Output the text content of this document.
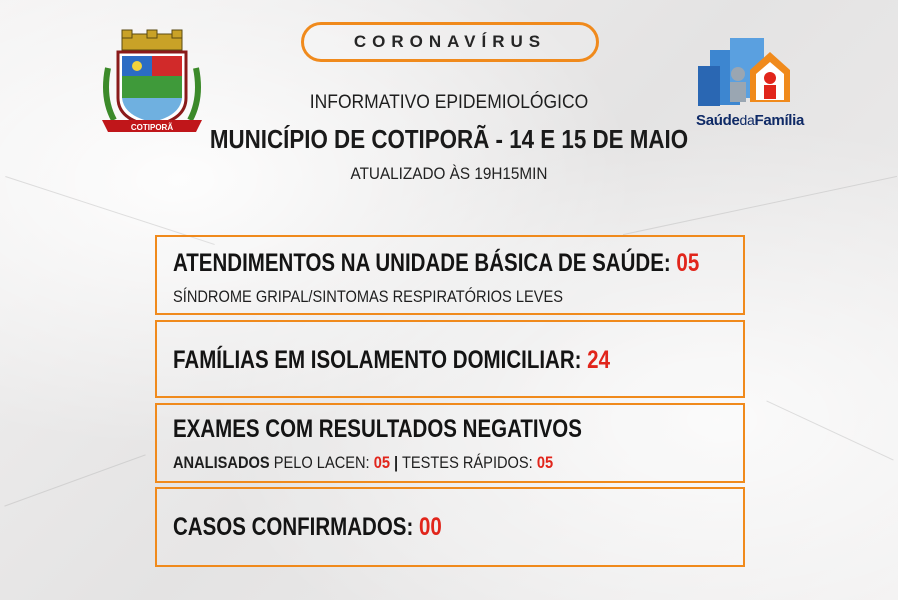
COTIPORÃ
CORONAVÍRUS
INFORMATIVO EPIDEMIOLÓGICO
MUNICÍPIO DE COTIPORÃ - 14 E 15 DE MAIO
ATUALIZADO ÀS 19H15MIN
SaúdedaFamília
ATENDIMENTOS NA UNIDADE BÁSICA DE SAÚDE: 05
SÍNDROME GRIPAL/SINTOMAS RESPIRATÓRIOS LEVES
FAMÍLIAS EM ISOLAMENTO DOMICILIAR: 24
EXAMES COM RESULTADOS NEGATIVOS
ANALISADOS PELO LACEN: 05 | TESTES RÁPIDOS: 05
CASOS CONFIRMADOS: 00
